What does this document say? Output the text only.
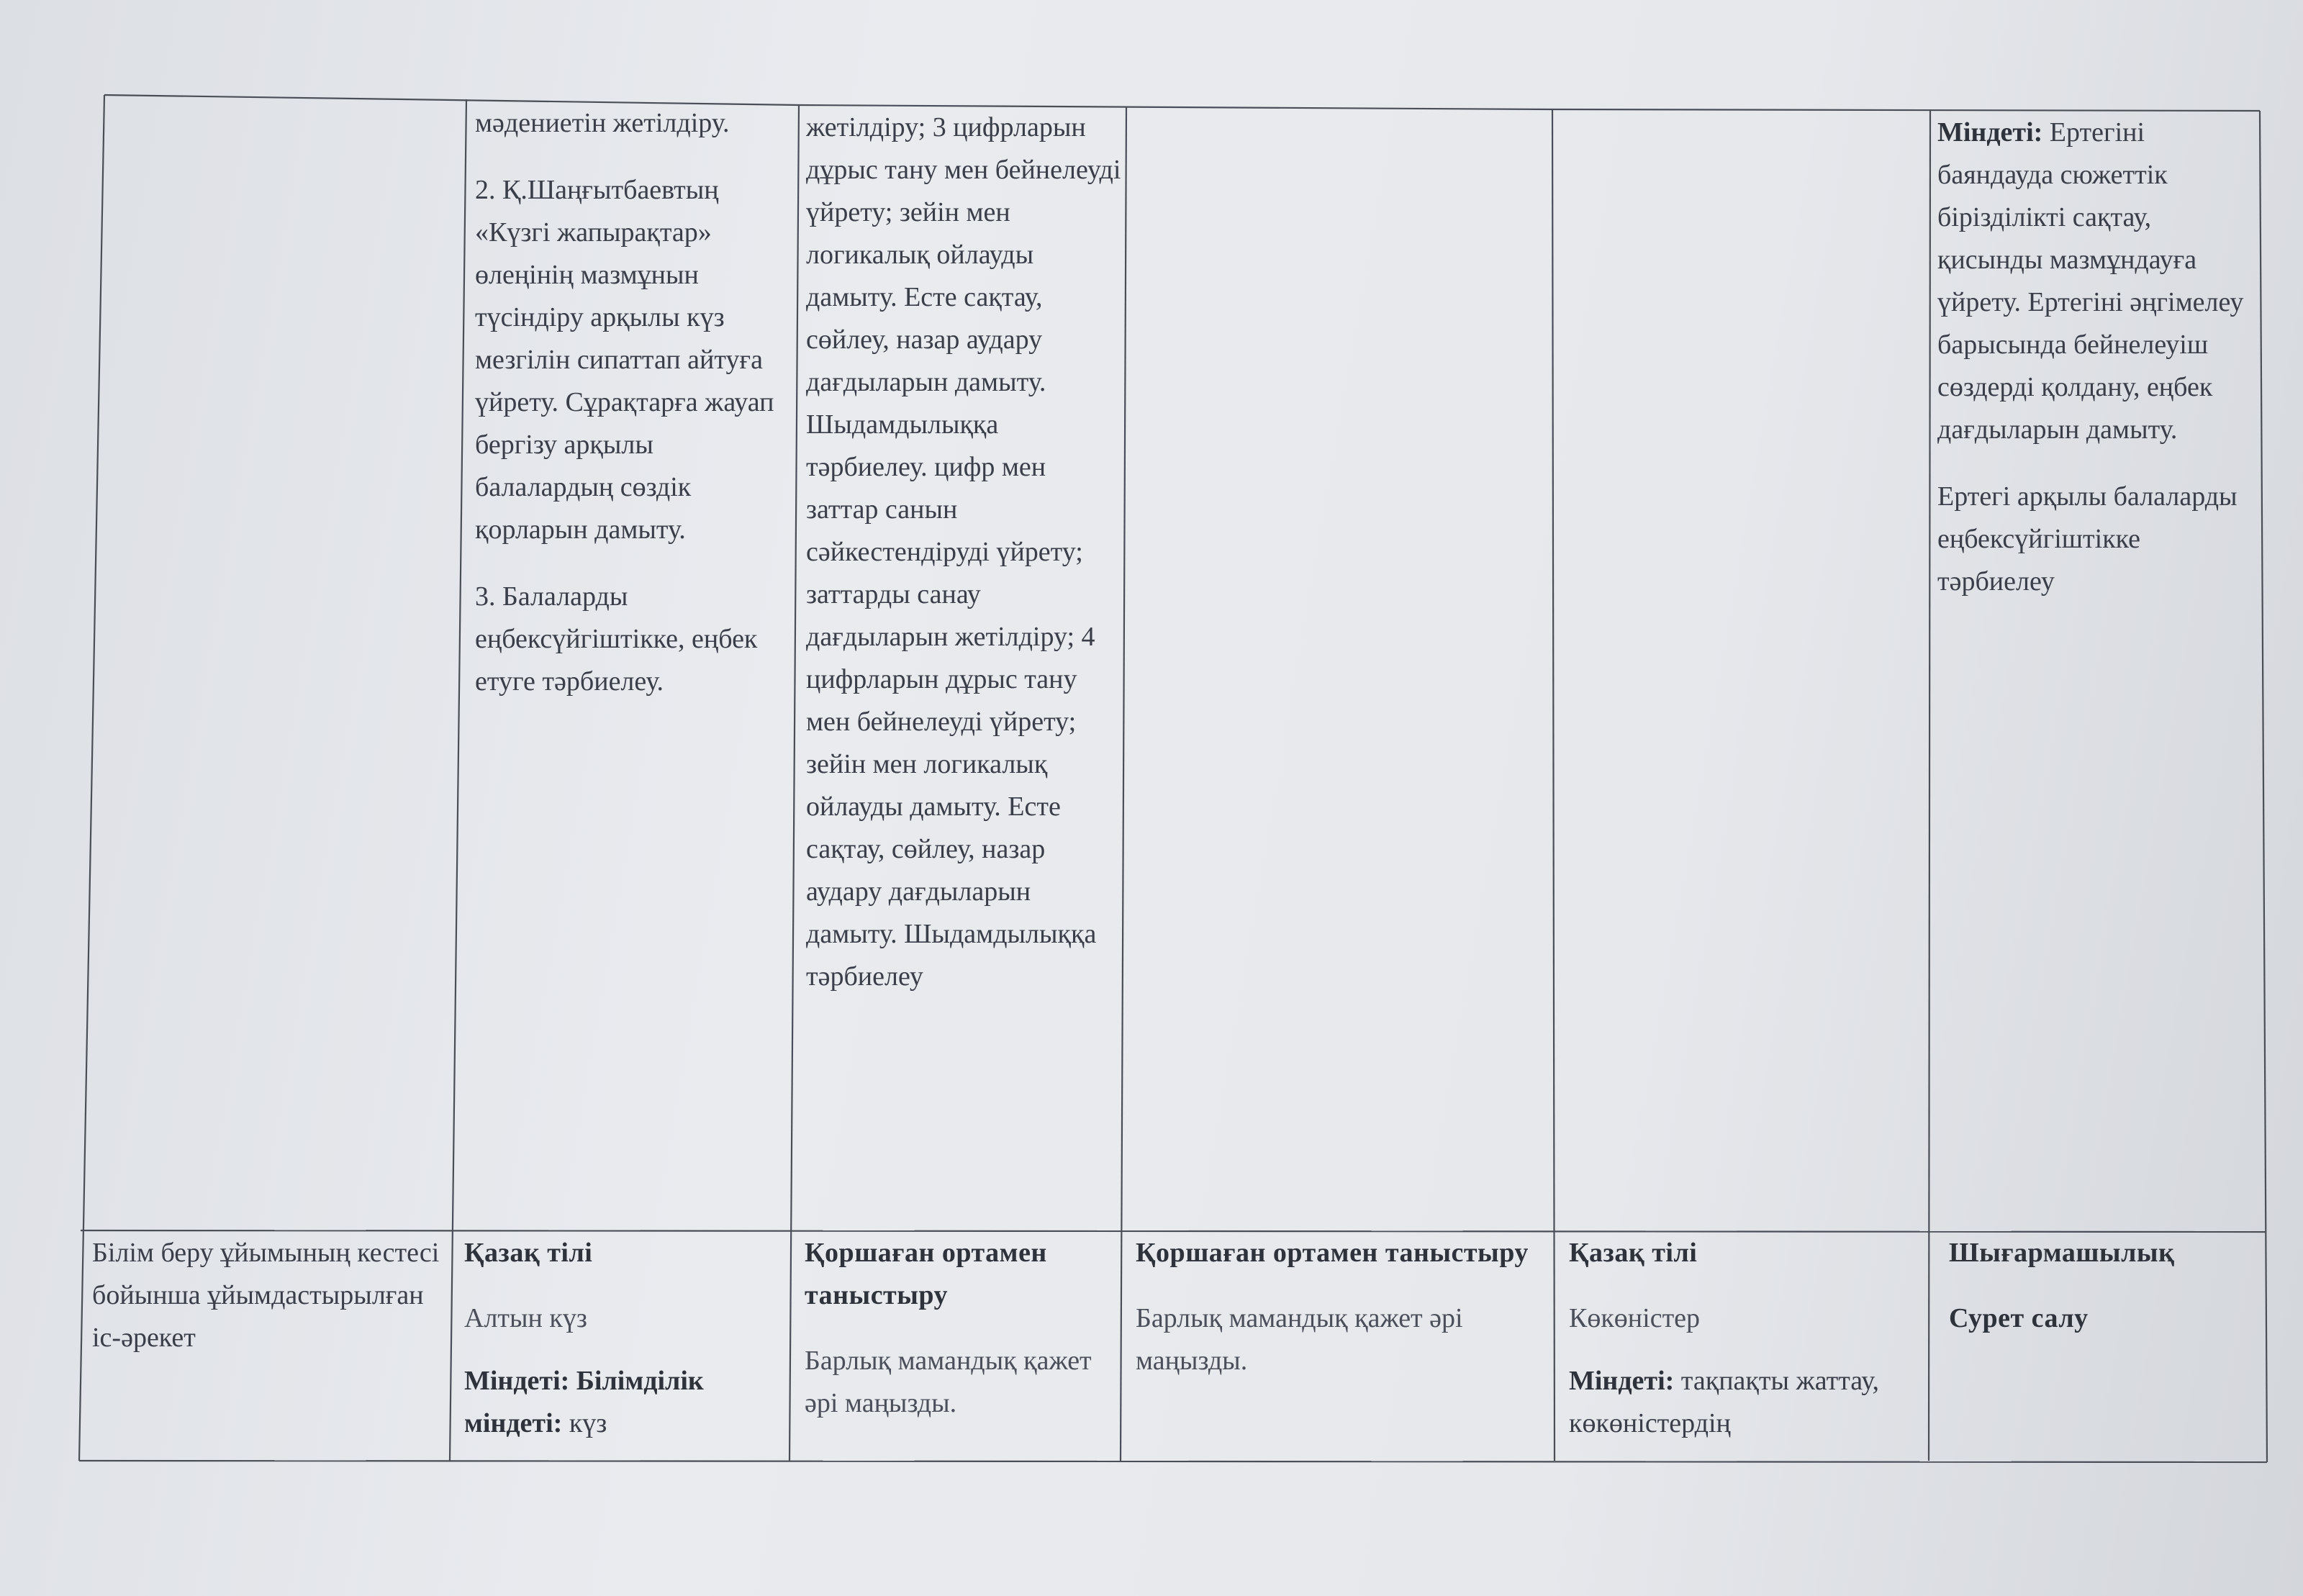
мәдениетін жетілдіру.

2. Қ.Шаңғытбаевтың «Күзгі жапырақтар» өлеңінің мазмұнын түсіндіру арқылы күз мезгілін сипаттап айтуға үйрету. Сұрақтарға жауап бергізу арқылы балалардың сөздік қорларын дамыту.

3. Балаларды еңбексүйгіштікке, еңбек етуге тәрбиелеу.

жетілдіру; 3 цифрларын дұрыс тану мен бейнелеуді үйрету; зейін мен логикалық ойлауды дамыту. Есте сақтау, сөйлеу, назар аудару дағдыларын дамыту. Шыдамдылыққа тәрбиелеу. цифр мен заттар санын сәйкестендіруді үйрету; заттарды санау дағдыларын жетілдіру; 4 цифрларын дұрыс тану мен бейнелеуді үйрету; зейін мен логикалық ойлауды дамыту. Есте сақтау, сөйлеу, назар аудару дағдыларын дамыту. Шыдамдылыққа тәрбиелеу

Міндеті: Ертегіні баяндауда сюжеттік бірізділікті сақтау, қисынды мазмұндауға үйрету. Ертегіні әңгімелеу барысында бейнелеуіш сөздерді қолдану, еңбек дағдыларын дамыту.

Ертегі арқылы балаларды еңбексүйгіштікке тәрбиелеу

Білім беру ұйымының кестесі бойынша ұйымдастырылған іс-әрекет

Қазақ тілі

Алтын күз

Міндеті: Білімділік міндеті: күз

Қоршаған ортамен таныстыру

Барлық мамандық қажет әрі маңызды.

Қоршаған ортамен таныстыру

Барлық мамандық қажет әрі маңызды.

Қазақ тілі

Көкөністер

Міндеті: тақпақты жаттау, көкөністердің

Шығармашылық

Сурет салу
